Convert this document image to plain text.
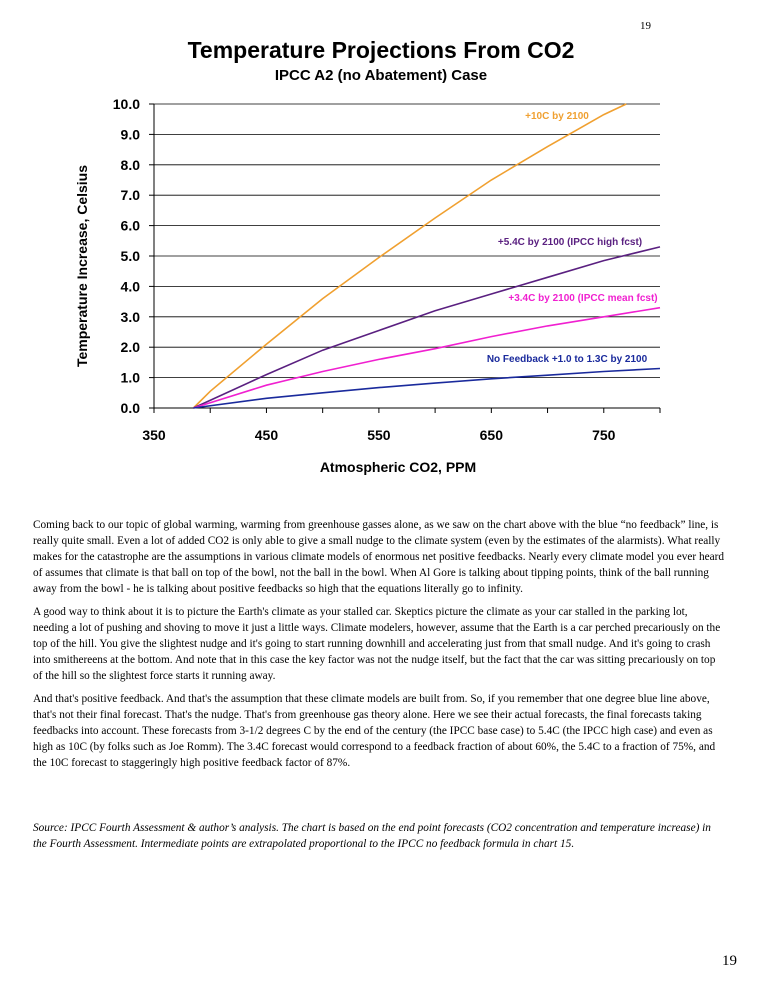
19
Temperature Projections From CO2
IPCC A2 (no Abatement) Case
0.0
1.0
2.0
3.0
4.0
5.0
6.0
7.0
8.0
9.0
10.0
350	450	550	650	750
+10C by 2100
+5.4C by 2100 (IPCC high fcst)
+3.4C by 2100 (IPCC mean fcst)
No Feedback +1.0 to 1.3C by 2100
Atmospheric CO2, PPM
Temperature Increase, Celsius

Coming back to our topic of global warming, warming from greenhouse gasses alone, as we saw on the chart above with the blue “no feedback” line, is really quite small. Even a lot of added CO2 is only able to give a small nudge to the climate system (even by the estimates of the alarmists). What really makes for the catastrophe are the assumptions in various climate models of enormous net positive feedbacks. Nearly every climate model you ever heard of assumes that climate is that ball on top of the bowl, not the ball in the bowl. When Al Gore is talking about tipping points, think of the ball running away from the bowl - he is talking about positive feedbacks so high that the equations literally go to infinity.

A good way to think about it is to picture the Earth's climate as your stalled car. Skeptics picture the climate as your car stalled in the parking lot, needing a lot of pushing and shoving to move it just a little ways. Climate modelers, however, assume that the Earth is a car perched precariously on the top of the hill. You give the slightest nudge and it's going to start running downhill and accelerating just from that small nudge. And it's going to crash into smithereens at the bottom. And note that in this case the key factor was not the nudge itself, but the fact that the car was sitting precariously on top of the hill so the slightest force starts it running away.

And that's positive feedback. And that's the assumption that these climate models are built from. So, if you remember that one degree blue line above, that's not their final forecast. That's the nudge. That's from greenhouse gas theory alone. Here we see their actual forecasts, the final forecasts taking feedbacks into account. These forecasts from 3-1/2 degrees C by the end of the century (the IPCC base case) to 5.4C (the IPCC high case) and even as high as 10C (by folks such as Joe Romm). The 3.4C forecast would correspond to a feedback fraction of about 60%, the 5.4C to a fraction of 75%, and the 10C forecast to staggeringly high positive feedback factor of 87%.

Source: IPCC Fourth Assessment & author’s analysis. The chart is based on the end point forecasts (CO2 concentration and temperature increase) in the Fourth Assessment. Intermediate points are extrapolated proportional to the IPCC no feedback formula in chart 15.

19
